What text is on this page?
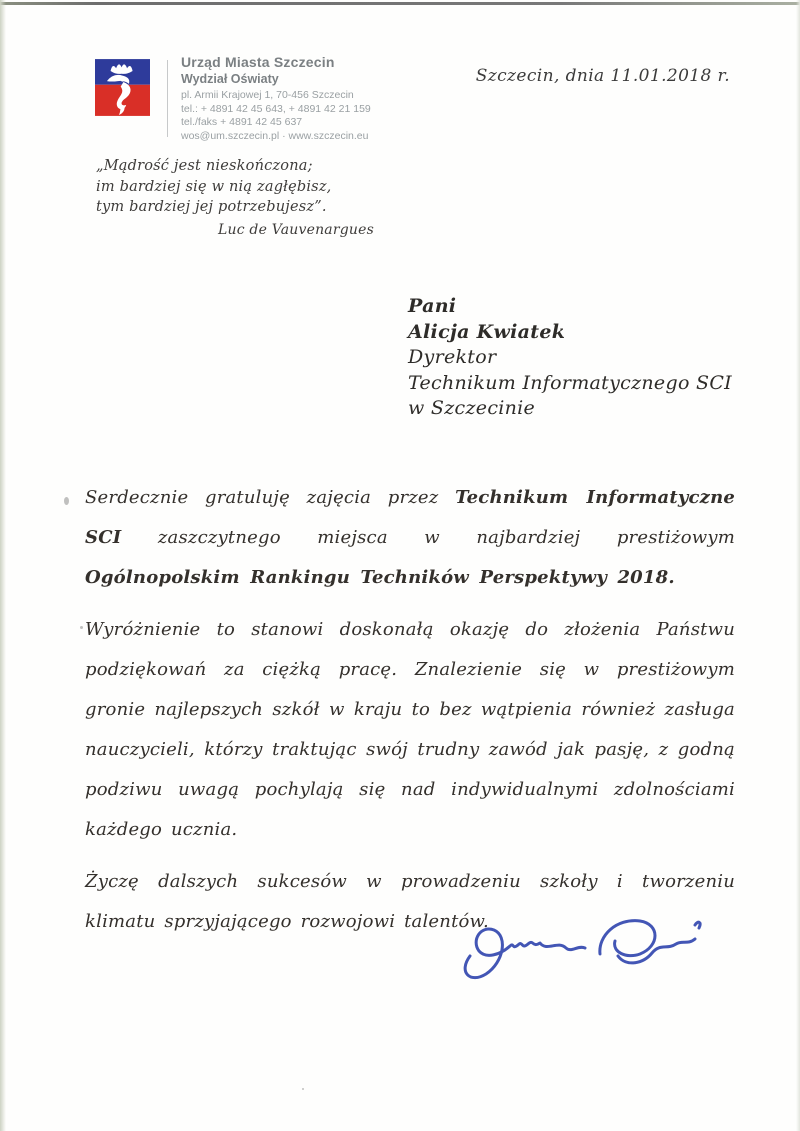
Urząd Miasta Szczecin
Wydział Oświaty
pl. Armii Krajowej 1, 70-456 Szczecin
tel.: + 4891 42 45 643, + 4891 42 21 159
tel./faks + 4891 42 45 637
wos@um.szczecin.pl · www.szczecin.eu
Szczecin, dnia 11.01.2018 r.
„Mądrość jest nieskończona;
im bardziej się w nią zagłębisz,
tym bardziej jej potrzebujesz”.
Luc de Vauvenargues
Pani
Alicja Kwiatek
Dyrektor
Technikum Informatycznego SCI
w Szczecinie

Serdecznie gratuluję zajęcia przez Technikum Informatyczne SCI zaszczytnego miejsca w najbardziej prestiżowym Ogólnopolskim Rankingu Techników Perspektywy 2018.

Wyróżnienie to stanowi doskonałą okazję do złożenia Państwu podziękowań za ciężką pracę. Znalezienie się w prestiżowym gronie najlepszych szkół w kraju to bez wątpienia również zasługa nauczycieli, którzy traktując swój trudny zawód jak pasję, z godną podziwu uwagą pochylają się nad indywidualnymi zdolnościami każdego ucznia.

Życzę dalszych sukcesów w prowadzeniu szkoły i tworzeniu klimatu sprzyjającego rozwojowi talentów.
